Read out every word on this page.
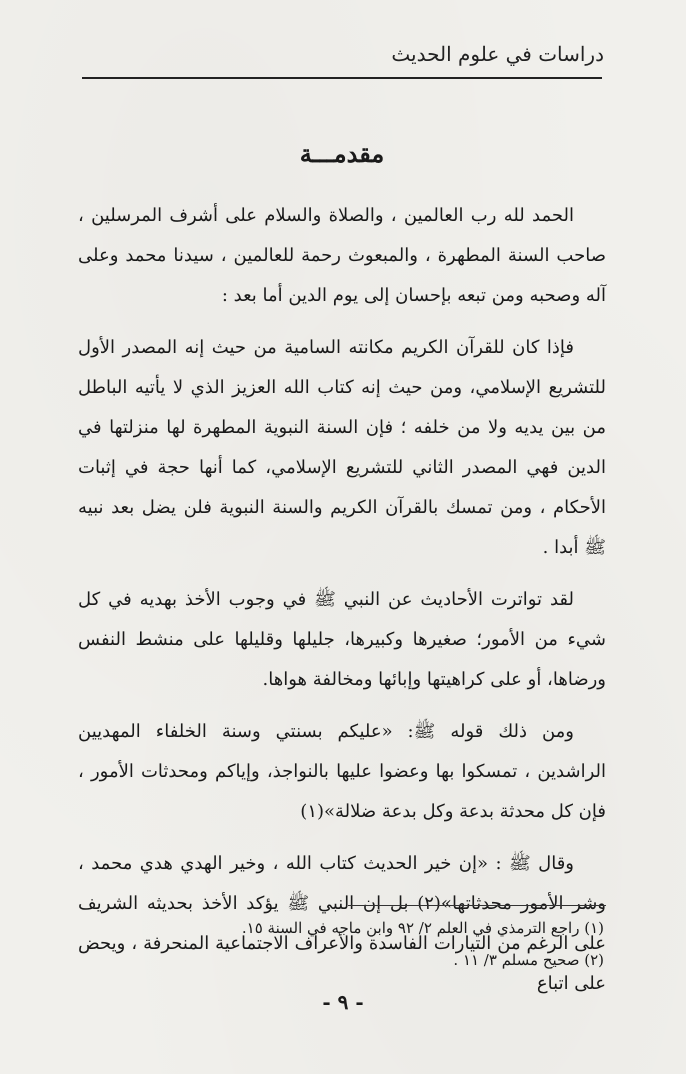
دراسات في علوم الحديث
مقدمـــة

الحمد لله رب العالمين ، والصلاة والسلام على أشرف المرسلين ، صاحب السنة المطهرة ، والمبعوث رحمة للعالمين ، سيدنا محمد وعلى آله وصحبه ومن تبعه بإحسان إلى يوم الدين أما بعد :

فإذا كان للقرآن الكريم مكانته السامية من حيث إنه المصدر الأول للتشريع الإسلامي، ومن حيث إنه كتاب الله العزيز الذي لا يأتيه الباطل من بين يديه ولا من خلفه ؛ فإن السنة النبوية المطهرة لها منزلتها في الدين فهي المصدر الثاني للتشريع الإسلامي، كما أنها حجة في إثبات الأحكام ، ومن تمسك بالقرآن الكريم والسنة النبوية فلن يضل بعد نبيه ﷺ أبدا .

لقد تواترت الأحاديث عن النبي ﷺ في وجوب الأخذ بهديه في كل شيء من الأمور؛ صغيرها وكبيرها، جليلها وقليلها على منشط النفس ورضاها، أو على كراهيتها وإبائها ومخالفة هواها.

ومن ذلك قوله ﷺ: «عليكم بسنتي وسنة الخلفاء المهديين الراشدين ، تمسكوا بها وعضوا عليها بالنواجذ، وإياكم ومحدثات الأمور ، فإن كل محدثة بدعة وكل بدعة ضلالة»(١)

وقال ﷺ : «إن خير الحديث كتاب الله ، وخير الهدي هدي محمد ، وشر الأمور محدثاتها»(٢) بل إن النبي ﷺ يؤكد الأخذ بحديثه الشريف على الرغم من التيارات الفاسدة والأعراف الاجتماعية المنحرفة ، ويحض على اتباع

(١) راجع الترمذي في العلم ٢/ ٩٢ وابن ماجه في السنة ١٥.

(٢) صحيح مسلم ٣/ ١١ .

- ٩ -
